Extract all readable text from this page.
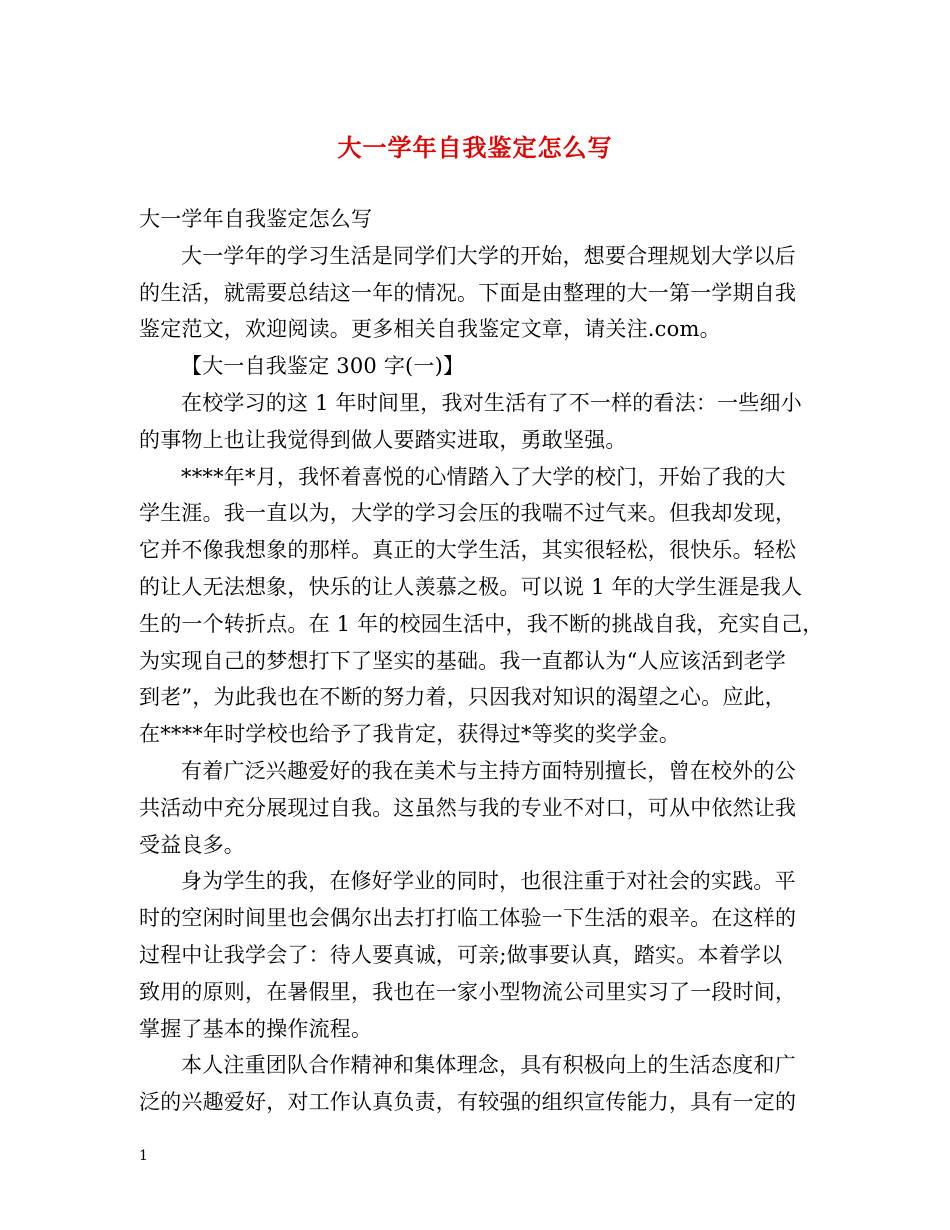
大一学年自我鉴定怎么写

大一学年自我鉴定怎么写

大一学年的学习生活是同学们大学的开始，想要合理规划大学以后

的生活，就需要总结这一年的情况。下面是由整理的大一第一学期自我

鉴定范文，欢迎阅读。更多相关自我鉴定文章，请关注.com。

【大一自我鉴定 300 字(一)】

在校学习的这 1 年时间里，我对生活有了不一样的看法：一些细小

的事物上也让我觉得到做人要踏实进取，勇敢坚强。

****年*月，我怀着喜悦的心情踏入了大学的校门，开始了我的大

学生涯。我一直以为，大学的学习会压的我喘不过气来。但我却发现，

它并不像我想象的那样。真正的大学生活，其实很轻松，很快乐。轻松

的让人无法想象，快乐的让人羡慕之极。可以说 1 年的大学生涯是我人

生的一个转折点。在 1 年的校园生活中，我不断的挑战自我，充实自己，

为实现自己的梦想打下了坚实的基础。我一直都认为“人应该活到老学

到老”，为此我也在不断的努力着，只因我对知识的渴望之心。应此，

在****年时学校也给予了我肯定，获得过*等奖的奖学金。

有着广泛兴趣爱好的我在美术与主持方面特别擅长，曾在校外的公

共活动中充分展现过自我。这虽然与我的专业不对口，可从中依然让我

受益良多。

身为学生的我，在修好学业的同时，也很注重于对社会的实践。平

时的空闲时间里也会偶尔出去打打临工体验一下生活的艰辛。在这样的

过程中让我学会了：待人要真诚，可亲;做事要认真，踏实。本着学以

致用的原则，在暑假里，我也在一家小型物流公司里实习了一段时间，

掌握了基本的操作流程。

本人注重团队合作精神和集体理念，具有积极向上的生活态度和广

泛的兴趣爱好，对工作认真负责，有较强的组织宣传能力，具有一定的

1
